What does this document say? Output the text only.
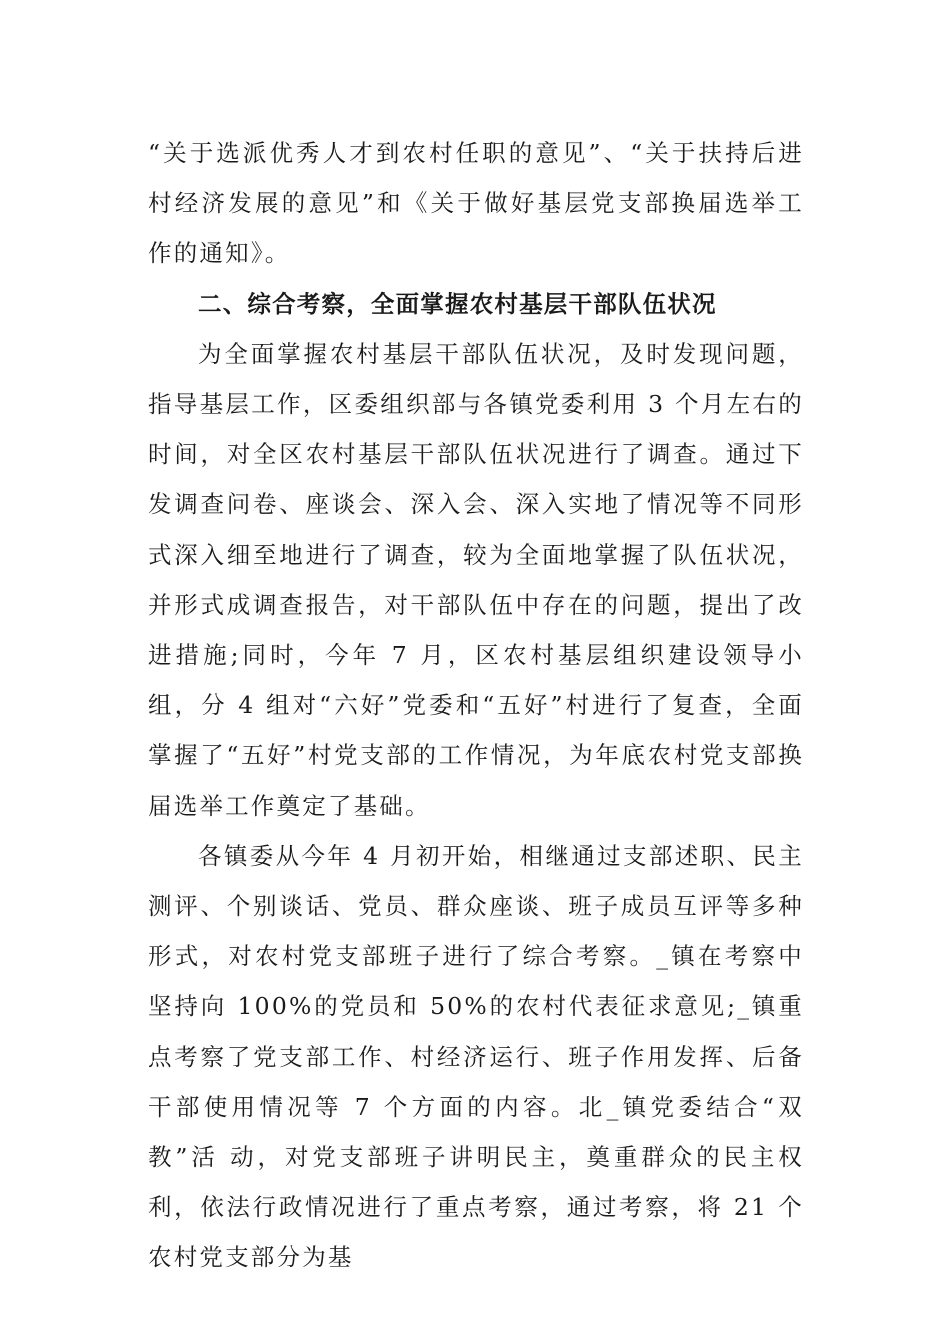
“关于选派优秀人才到农村任职的意见”、“关于扶持后进村经济发展的意见”和《关于做好基层党支部换届选举工作的通知》。

二、综合考察，全面掌握农村基层干部队伍状况

为全面掌握农村基层干部队伍状况，及时发现问题，指导基层工作，区委组织部与各镇党委利用 3 个月左右的时间，对全区农村基层干部队伍状况进行了调查。通过下发调查问卷、座谈会、深入会、深入实地了情况等不同形式深入细至地进行了调查，较为全面地掌握了队伍状况，并形式成调查报告，对干部队伍中存在的问题，提出了改进措施;同时，今年 7 月，区农村基层组织建设领导小组，分 4 组对“六好”党委和“五好”村进行了复查，全面掌握了“五好”村党支部的工作情况，为年底农村党支部换届选举工作奠定了基础。

各镇委从今年 4 月初开始，相继通过支部述职、民主测评、个别谈话、党员、群众座谈、班子成员互评等多种形式，对农村党支部班子进行了综合考察。_镇在考察中坚持向 100%的党员和 50%的农村代表征求意见;_镇重点考察了党支部工作、村经济运行、班子作用发挥、后备干部使用情况等 7 个方面的内容。北_镇党委结合“双教”活 动，对党支部班子讲明民主，奠重群众的民主权利，依法行政情况进行了重点考察，通过考察，将 21 个农村党支部分为基
